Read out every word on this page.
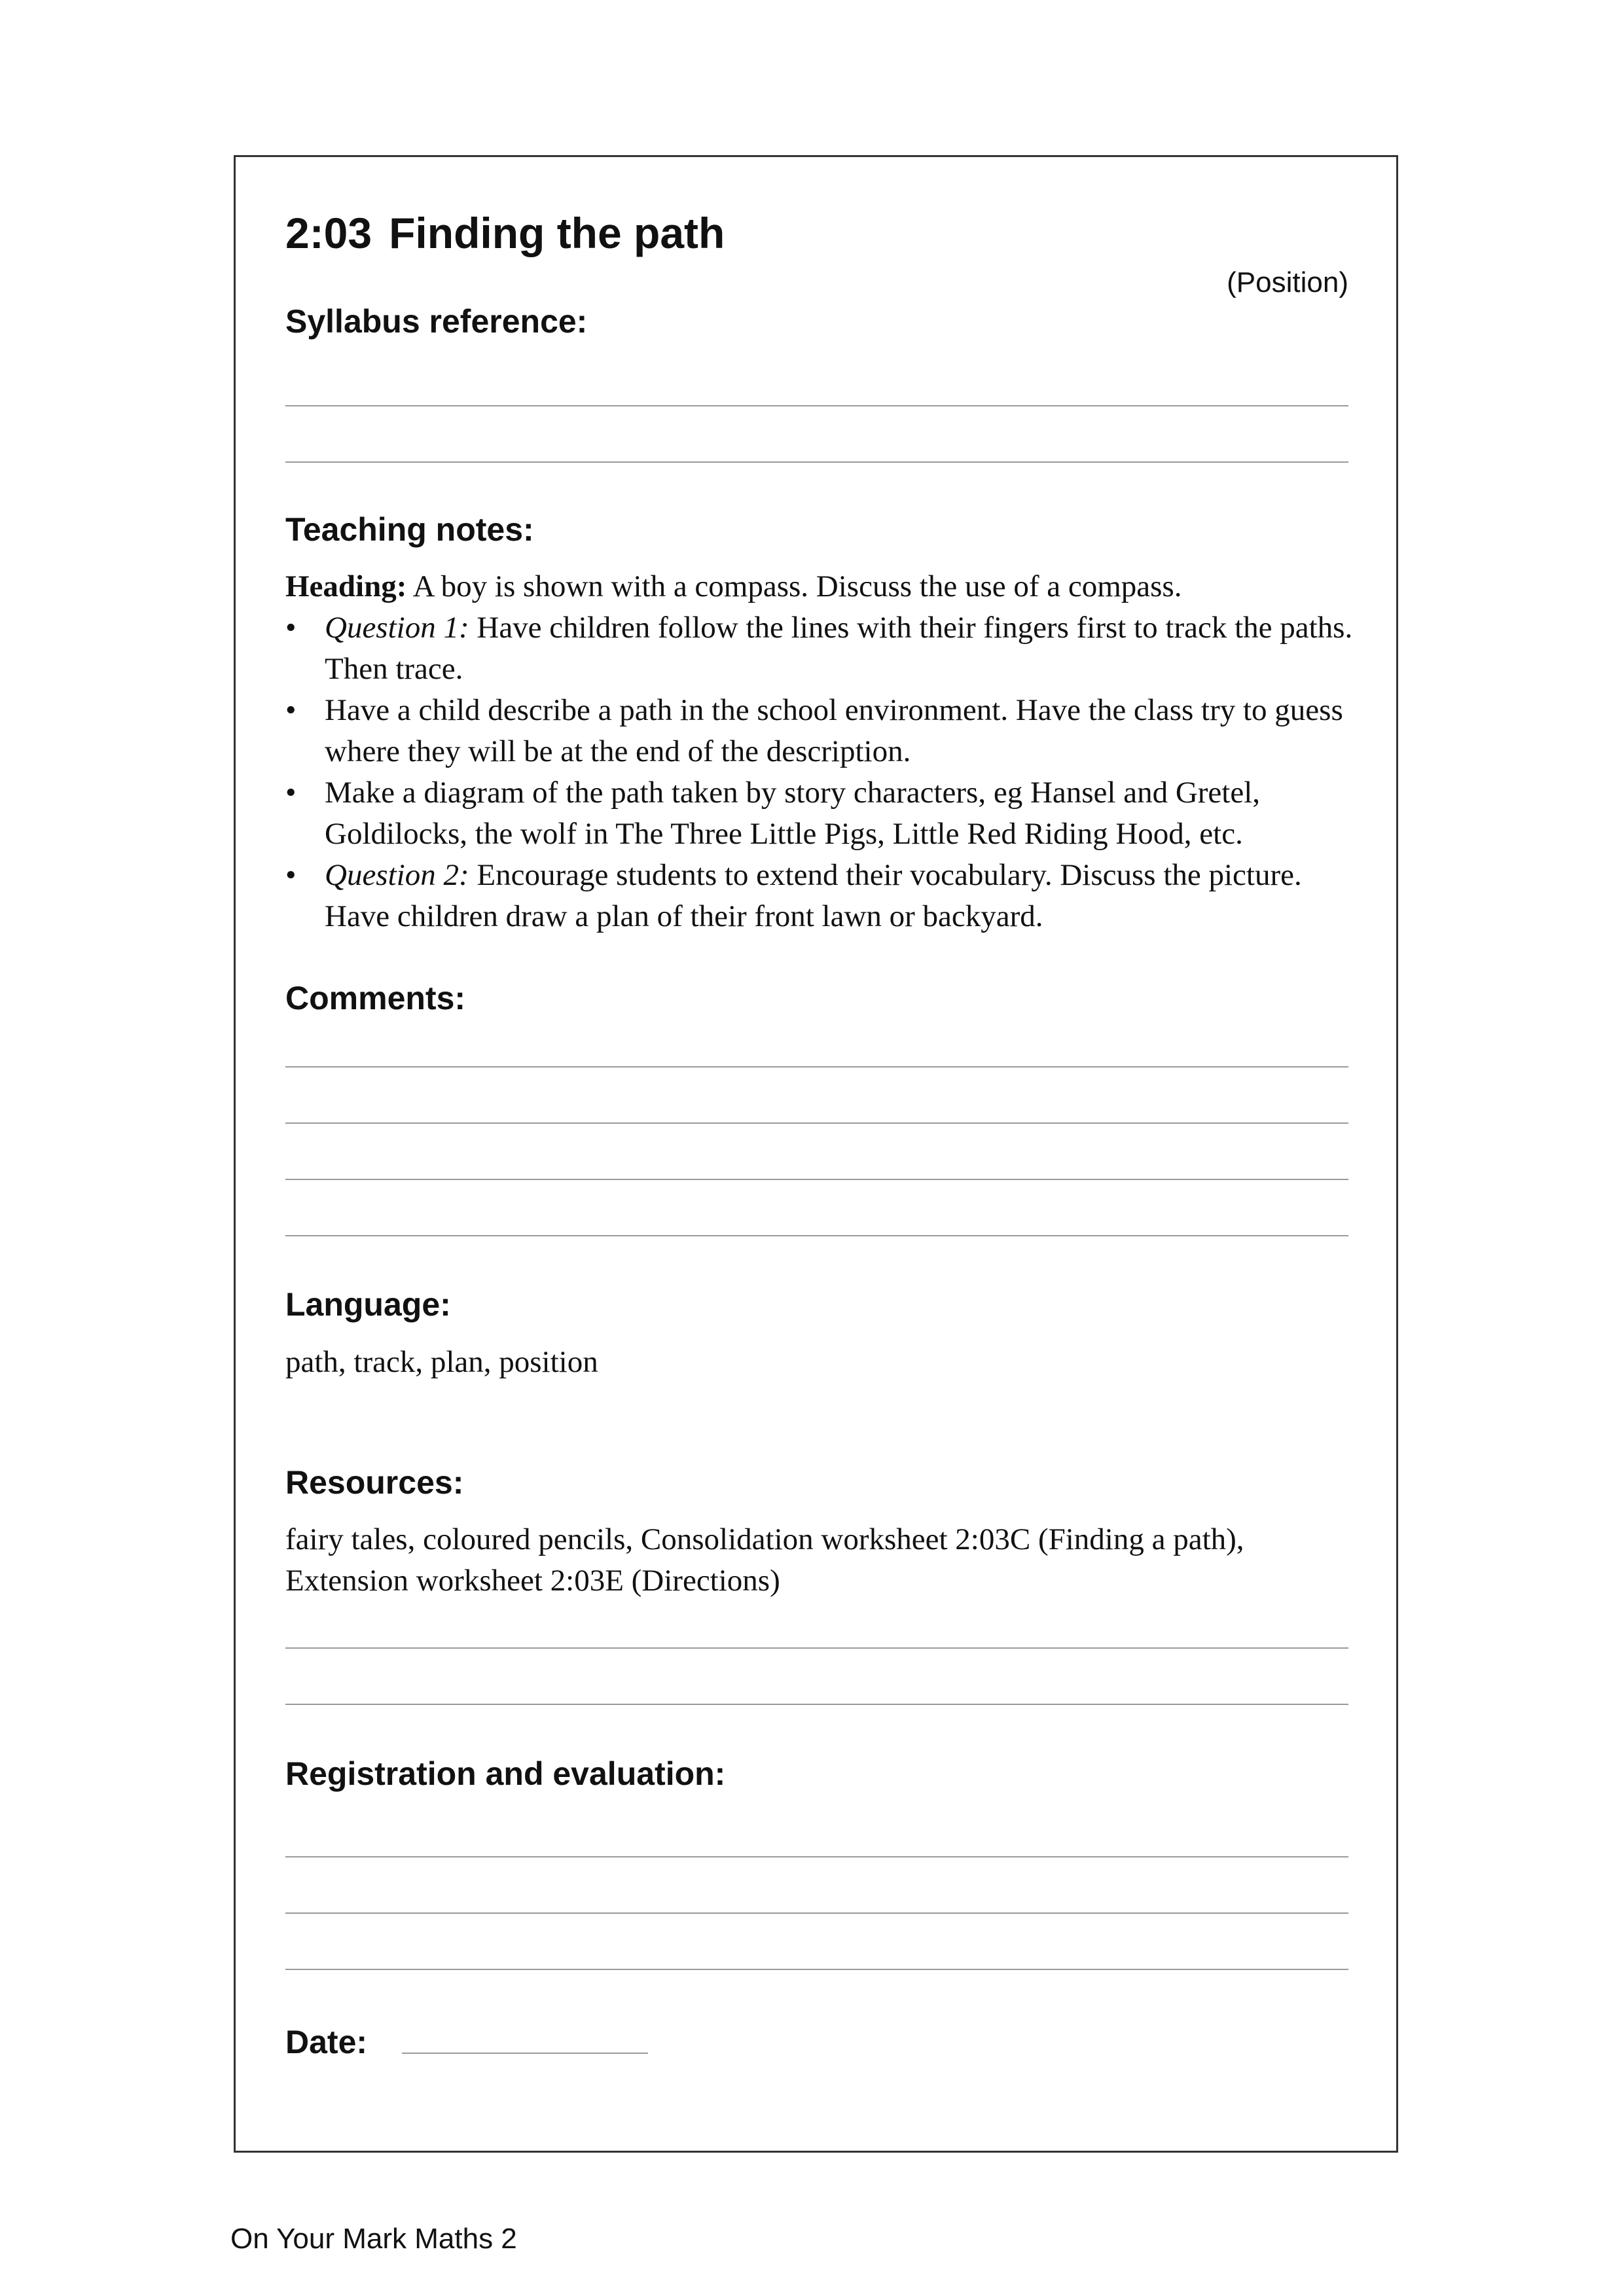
2:03 Finding the path
(Position)
Syllabus reference:
Teaching notes:
Heading: A boy is shown with a compass. Discuss the use of a compass.
• Question 1: Have children follow the lines with their fingers first to track the paths. Then trace.
• Have a child describe a path in the school environment. Have the class try to guess where they will be at the end of the description.
• Make a diagram of the path taken by story characters, eg Hansel and Gretel, Goldilocks, the wolf in The Three Little Pigs, Little Red Riding Hood, etc.
• Question 2: Encourage students to extend their vocabulary. Discuss the picture. Have children draw a plan of their front lawn or backyard.
Comments:
Language:
path, track, plan, position
Resources:
fairy tales, coloured pencils, Consolidation worksheet 2:03C (Finding a path), Extension worksheet 2:03E (Directions)
Registration and evaluation:
Date:
On Your Mark Maths 2
